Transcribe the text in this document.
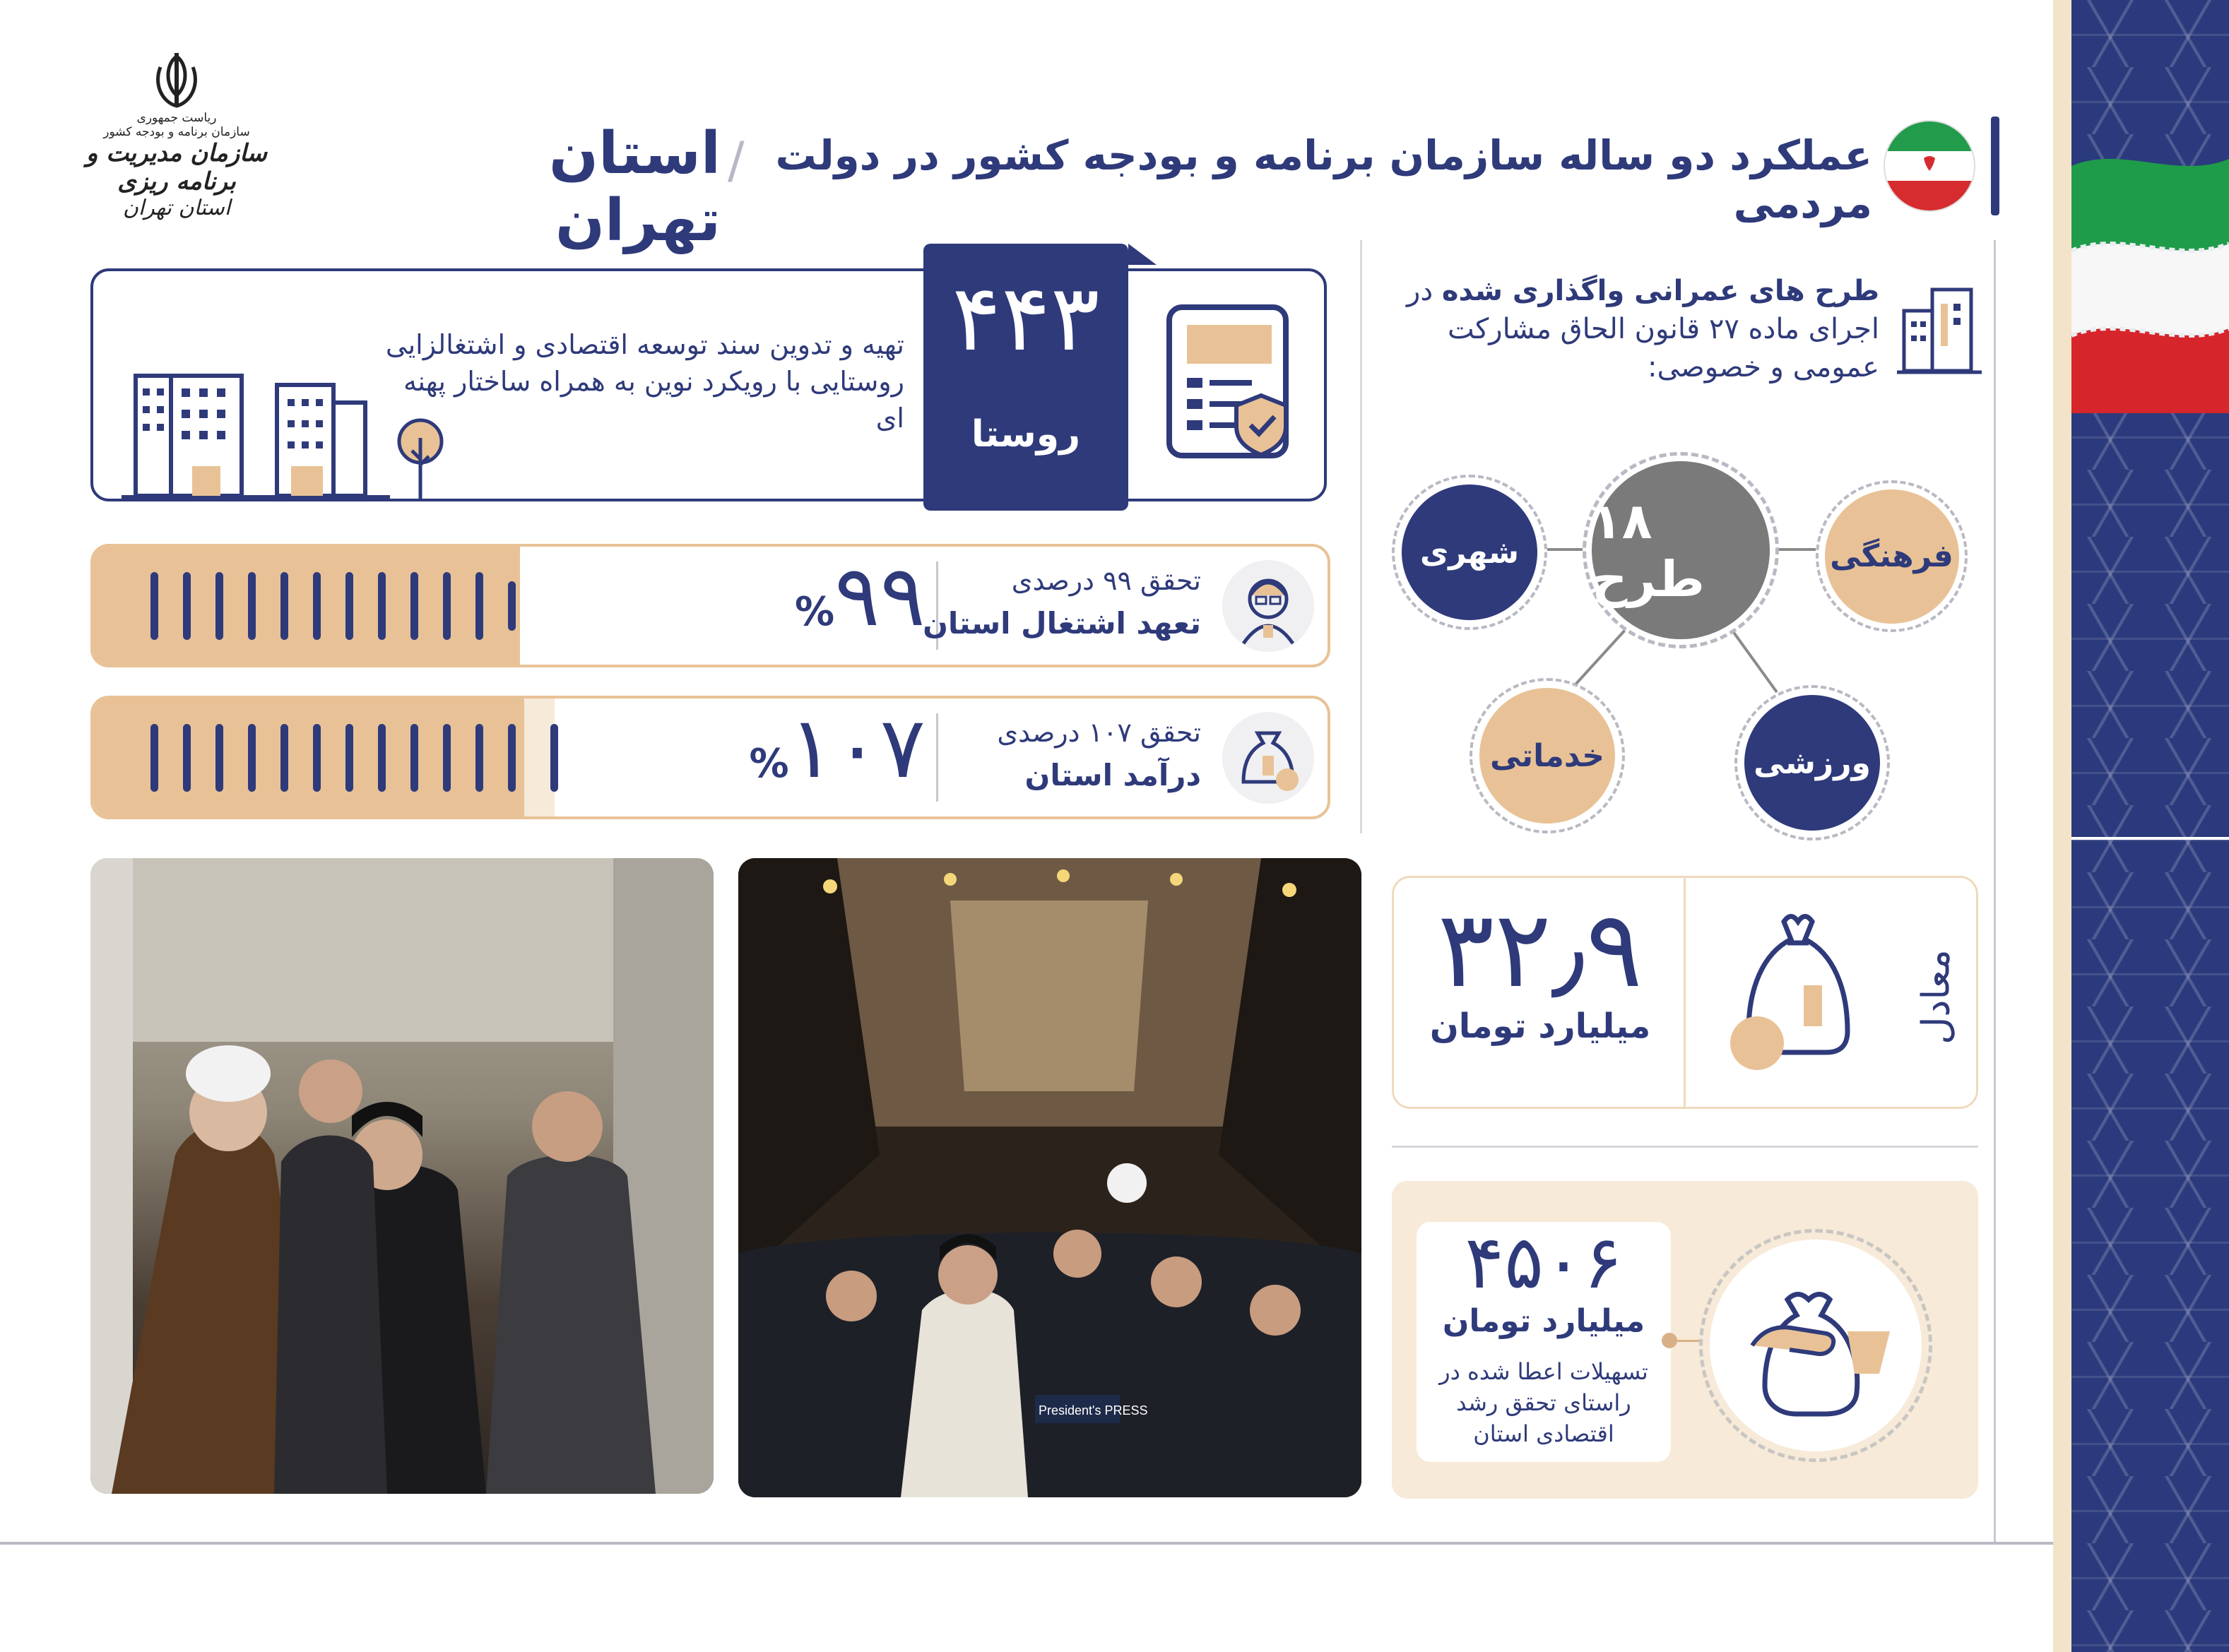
عملکرد دو ساله سازمان برنامه و بودجه کشور در دولت مردمی
/
استان تهران
ریاست جمهوری
سازمان برنامه و بودجه کشور
سازمان مدیریت و برنامه ریزی
استان تهران
۴۴۳
روستا
تهیه و تدوین سند توسعه اقتصادی و اشتغالزایی روستایی با رویکرد نوین به همراه ساختار پهنه ای
%۹۹	تحقق ۹۹ درصدی
تعهد اشتغال استان
%۱۰۷	تحقق ۱۰۷ درصدی
درآمد استان
President's PRESS
طرح های عمرانی واگذاری شده در اجرای ماده ۲۷ قانون الحاق مشارکت عمومی و خصوصی:
۱۸ طرح	فرهنگی
شهری
خدماتی	ورزشی
معادل
۳۲٫۹
میلیارد تومان
۴۵۰۶
میلیارد تومان
تسهیلات اعطا شده در راستای تحقق رشد اقتصادی استان
